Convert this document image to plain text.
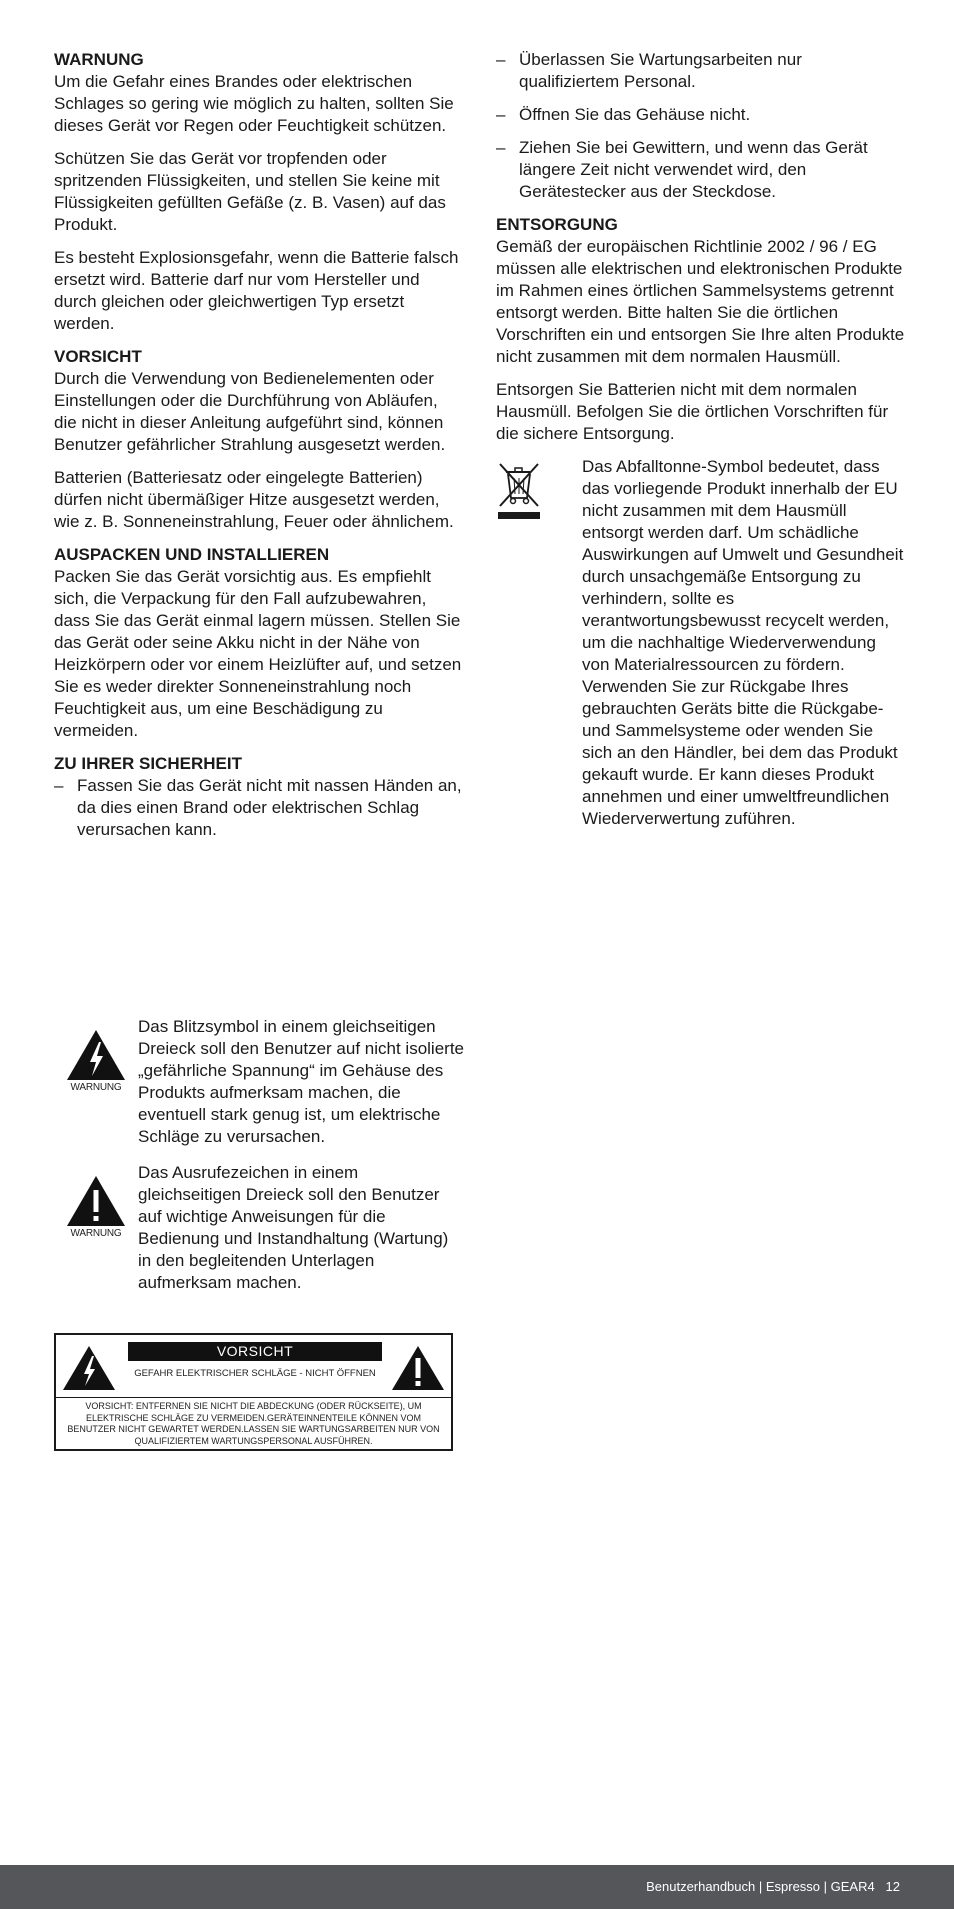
WARNUNG

Um die Gefahr eines Brandes oder elektrischen Schlages so gering wie möglich zu halten, sollten Sie dieses Gerät vor Regen oder Feuchtigkeit schützen.

Schützen Sie das Gerät vor tropfenden oder spritzenden Flüssigkeiten, und stellen Sie keine mit Flüssigkeiten gefüllten Gefäße (z. B. Vasen) auf das Produkt.

Es besteht Explosionsgefahr, wenn die Batterie falsch ersetzt wird. Batterie darf nur vom Hersteller und durch gleichen oder gleichwertigen Typ ersetzt werden.

VORSICHT

Durch die Verwendung von Bedienelementen oder Einstellungen oder die Durchführung von Abläufen, die nicht in dieser Anleitung aufgeführt sind, können Benutzer gefährlicher Strahlung ausgesetzt werden.

Batterien (Batteriesatz oder eingelegte Batterien) dürfen nicht übermäßiger Hitze ausgesetzt werden, wie z. B. Sonneneinstrahlung, Feuer oder ähnlichem.

AUSPACKEN UND INSTALLIEREN

Packen Sie das Gerät vorsichtig aus. Es empfiehlt sich, die Verpackung für den Fall aufzubewahren, dass Sie das Gerät einmal lagern müssen. Stellen Sie das Gerät oder seine Akku nicht in der Nähe von Heizkörpern oder vor einem Heizlüfter auf, und setzen Sie es weder direkter Sonneneinstrahlung noch Feuchtigkeit aus, um eine Beschädigung zu vermeiden.

ZU IHRER SICHERHEIT
– Fassen Sie das Gerät nicht mit nassen Händen an, da dies einen Brand oder elektrischen Schlag verursachen kann.
– Überlassen Sie Wartungsarbeiten nur qualifiziertem Personal.
– Öffnen Sie das Gehäuse nicht.
– Ziehen Sie bei Gewittern, und wenn das Gerät längere Zeit nicht verwendet wird, den Gerätestecker aus der Steckdose.
ENTSORGUNG

Gemäß der europäischen Richtlinie 2002 / 96 / EG müssen alle elektrischen und elektronischen Produkte im Rahmen eines örtlichen Sammelsystems getrennt entsorgt werden. Bitte halten Sie die örtlichen Vorschriften ein und entsorgen Sie Ihre alten Produkte nicht zusammen mit dem normalen Hausmüll.

Entsorgen Sie Batterien nicht mit dem normalen Hausmüll. Befolgen Sie die örtlichen Vorschriften für die sichere Entsorgung.

Das Abfalltonne-Symbol bedeutet, dass das vorliegende Produkt innerhalb der EU nicht zusammen mit dem Hausmüll entsorgt werden darf. Um schädliche Auswirkungen auf Umwelt und Gesundheit durch unsachgemäße Entsorgung zu verhindern, sollte es verantwortungsbewusst recycelt werden, um die nachhaltige Wiederverwendung von Materialressourcen zu fördern. Verwenden Sie zur Rückgabe Ihres gebrauchten Geräts bitte die Rückgabe- und Sammelsysteme oder wenden Sie sich an den Händler, bei dem das Produkt gekauft wurde. Er kann dieses Produkt annehmen und einer umweltfreundlichen Wiederverwertung zuführen.
WARNUNG
Das Blitzsymbol in einem gleichseitigen Dreieck soll den Benutzer auf nicht isolierte „gefährliche Spannung“ im Gehäuse des Produkts aufmerksam machen, die eventuell stark genug ist, um elektrische Schläge zu verursachen.
WARNUNG
Das Ausrufezeichen in einem gleichseitigen Dreieck soll den Benutzer auf wichtige Anweisungen für die Bedienung und Instandhaltung (Wartung) in den begleitenden Unterlagen aufmerksam machen.
VORSICHT
GEFAHR ELEKTRISCHER SCHLÄGE - NICHT ÖFFNEN
VORSICHT: ENTFERNEN SIE NICHT DIE ABDECKUNG (ODER RÜCKSEITE), UM ELEKTRISCHE SCHLÄGE ZU VERMEIDEN.GERÄTEINNENTEILE KÖNNEN VOM BENUTZER NICHT GEWARTET WERDEN.LASSEN SIE WARTUNGSARBEITEN NUR VON QUALIFIZIERTEM WARTUNGSPERSONAL AUSFÜHREN.
Benutzerhandbuch | Espresso | GEAR4   12
